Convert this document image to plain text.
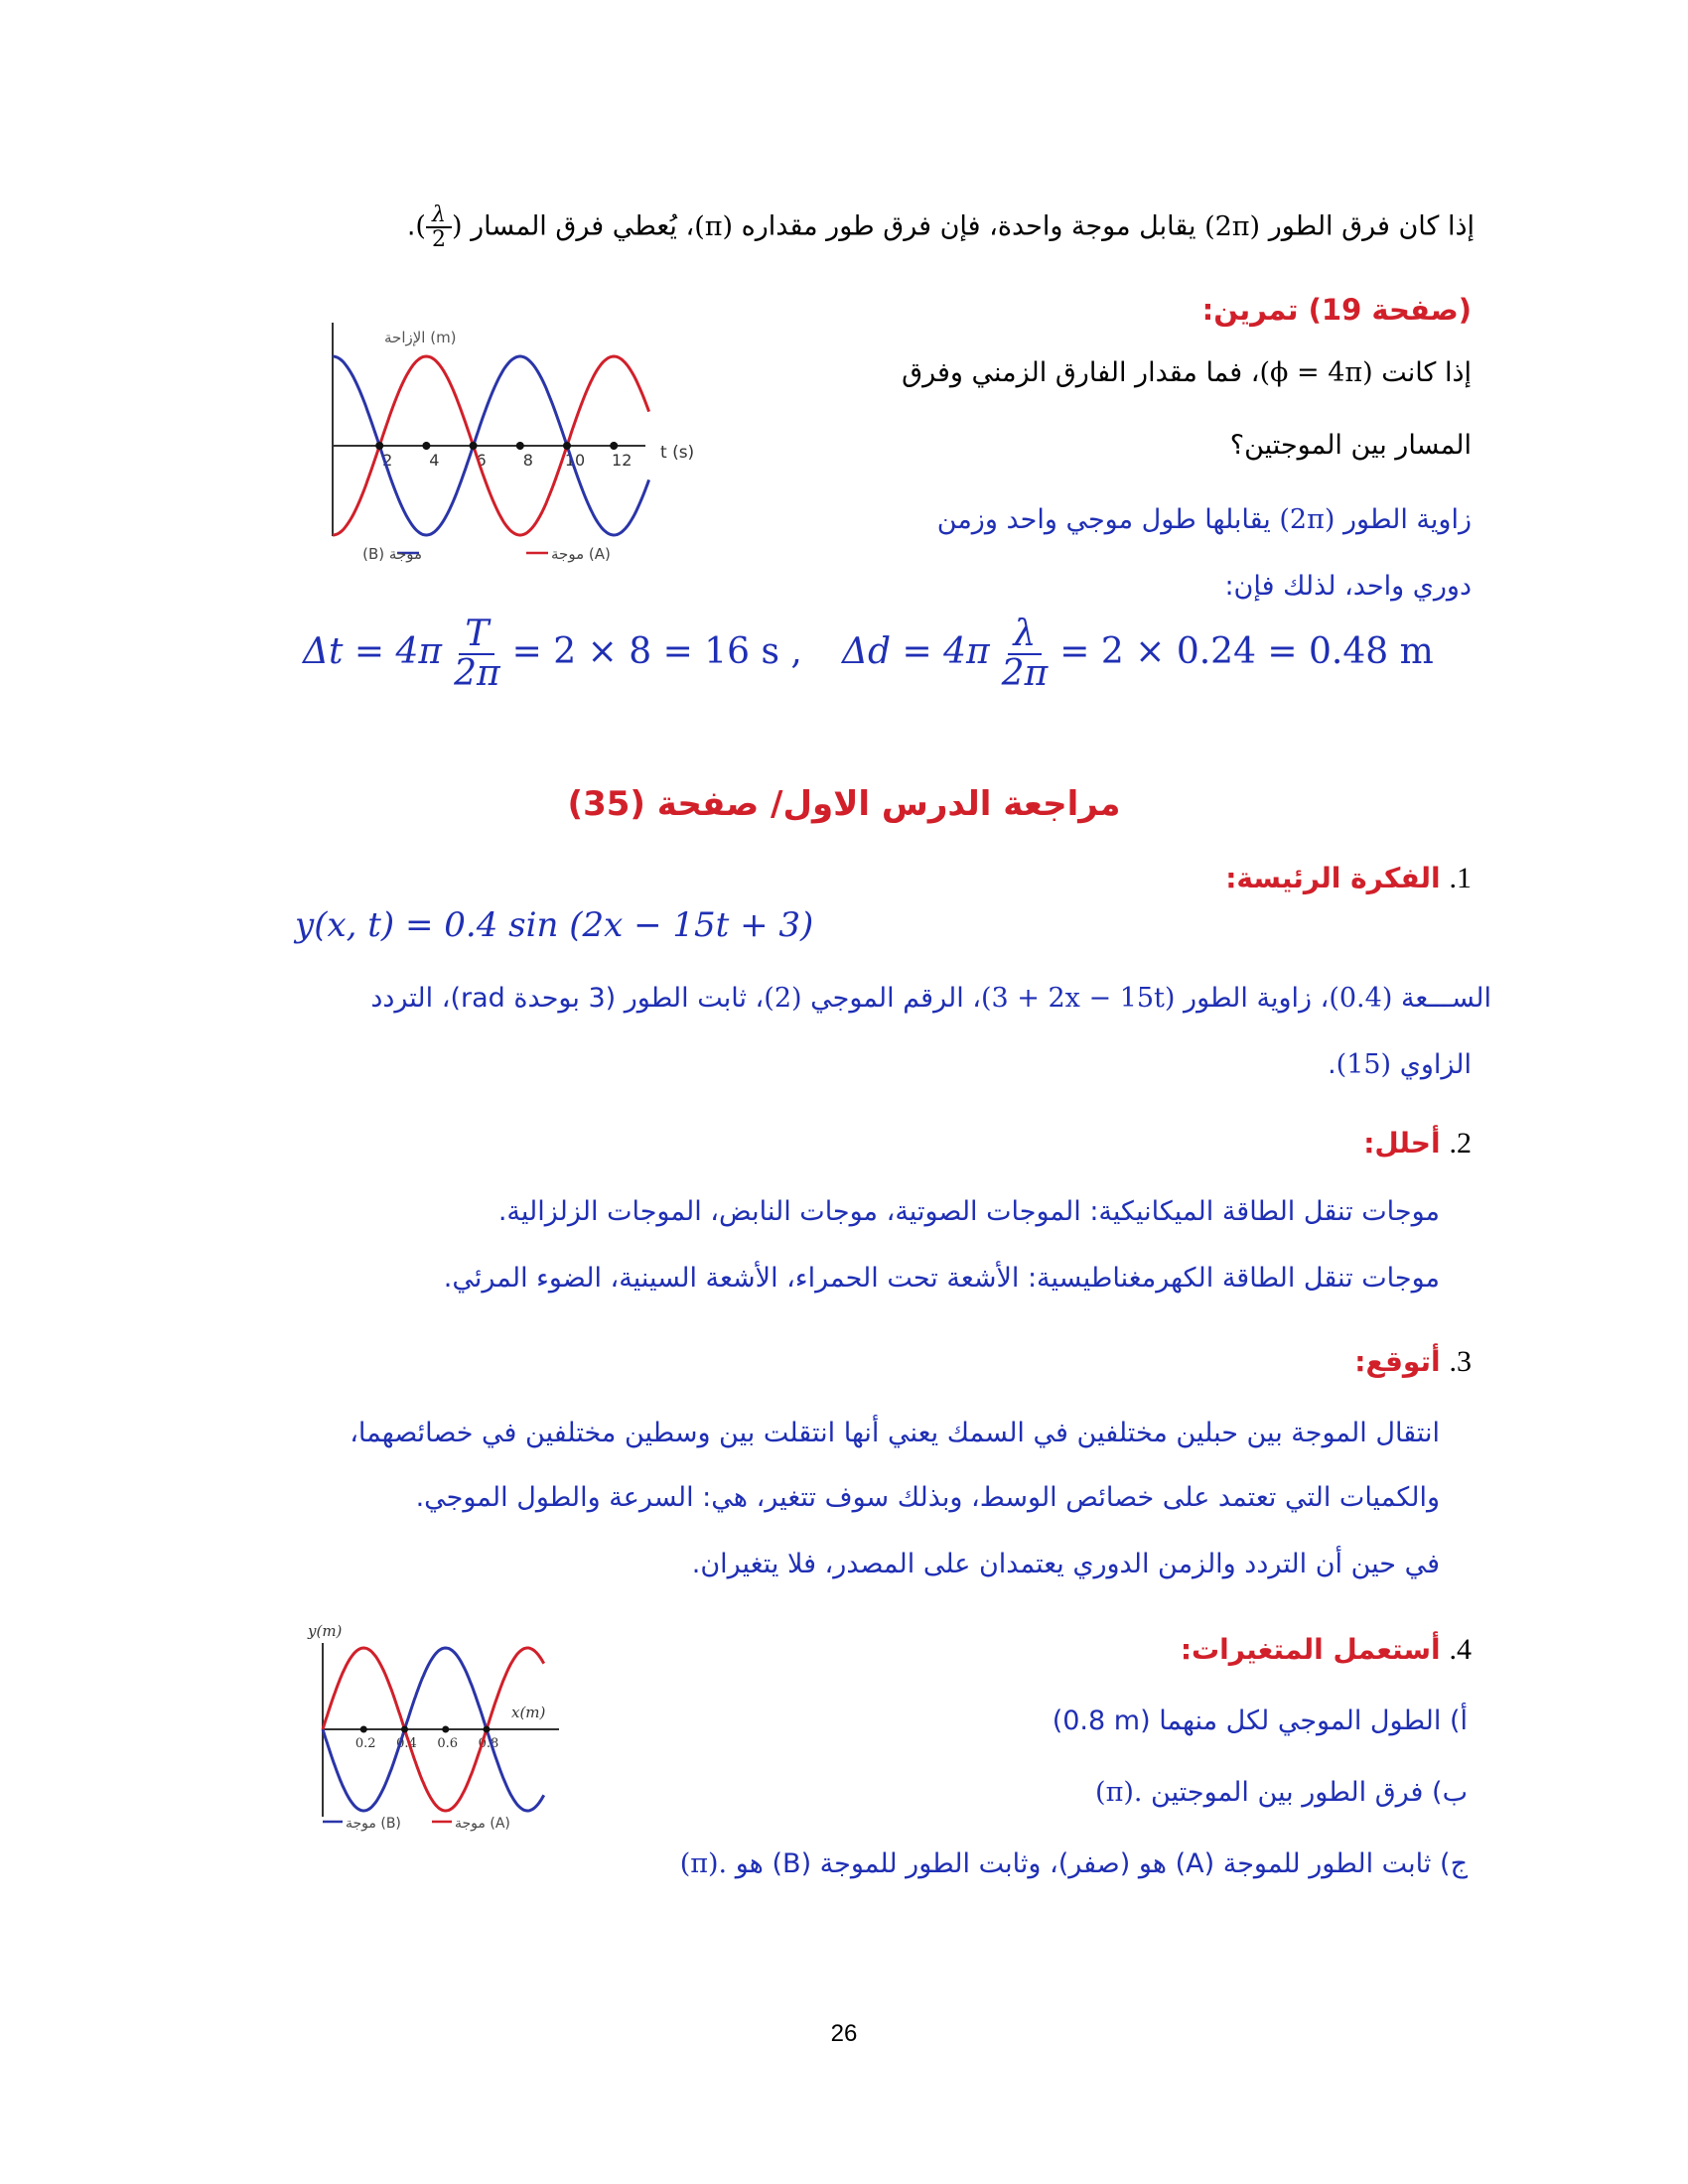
إذا كان فرق الطور (2π) يقابل موجة واحدة، فإن فرق طور مقداره (π)، يُعطي فرق المسار ( $\frac{\lambda}{2}$ ).
(صفحة 19) تمرين:
إذا كانت (ϕ = 4π)، فما مقدار الفارق الزمني وفرق
المسار بين الموجتين؟
زاوية الطور (2π) يقابلها طول موجي واحد وزمن
دوري واحد، لذلك فإن:
$\Delta t = 4\pi \frac{T}{2\pi} = 2 \times 8 = 16$ s , $\Delta d = 4\pi \frac{\lambda}{2\pi} = 2 \times 0.24 = 0.48$ m
الإزاحة (m)
t (s)
2 4 6 8 10 12
موجة (B)	موجة (A)
مراجعة الدرس الاول/ صفحة (35)
1. الفكرة الرئيسة:
y(x, t) = 0.4 sin (2x − 15t + 3)
الســـعة (0.4)، زاوية الطور (3 + 2x − 15t)، الرقم الموجي (2)، ثابت الطور (3 بوحدة rad)، التردد
الزاوي (15).
2. أحلل:
موجات تنقل الطاقة الميكانيكية: الموجات الصوتية، موجات النابض، الموجات الزلزالية.
موجات تنقل الطاقة الكهرمغناطيسية: الأشعة تحت الحمراء، الأشعة السينية، الضوء المرئي.
3. أتوقع:
انتقال الموجة بين حبلين مختلفين في السمك يعني أنها انتقلت بين وسطين مختلفين في خصائصهما،
والكميات التي تعتمد على خصائص الوسط، وبذلك سوف تتغير، هي: السرعة والطول الموجي.
في حين أن التردد والزمن الدوري يعتمدان على المصدر، فلا يتغيران.
4. أستعمل المتغيرات:
أ) الطول الموجي لكل منهما (0.8 m)
ب) فرق الطور بين الموجتين (π).
ج) ثابت الطور للموجة (A) هو (صفر)، وثابت الطور للموجة (B) هو (π).
y(m)
x(m)
0.2 0.4 0.6 0.8
موجة (B)	موجة (A)
26
